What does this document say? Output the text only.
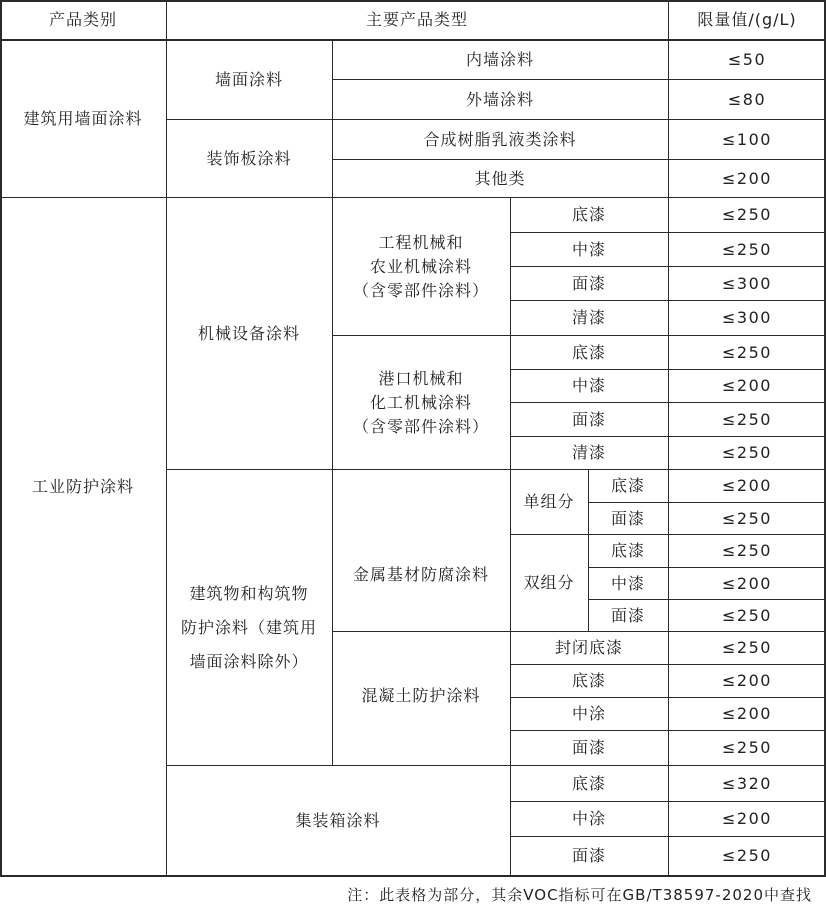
产品类别	主要产品类型	限量值/(g/L)
建筑用墙面涂料
工业防护涂料
墙面涂料
装饰板涂料
机械设备涂料
建筑物和构筑物
防护涂料（建筑用
墙面涂料除外）
集装箱涂料
内墙涂料
外墙涂料
合成树脂乳液类涂料
其他类
工程机械和
农业机械涂料
（含零部件涂料）
港口机械和
化工机械涂料
（含零部件涂料）
金属基材防腐涂料
混凝土防护涂料
单组分
双组分
底漆
中漆
面漆
清漆
底漆
中漆
面漆
清漆
底漆
面漆
底漆
中漆
面漆
封闭底漆
底漆
中涂
面漆
底漆
中涂
面漆
≤50
≤80
≤100
≤200
≤250
≤250
≤300
≤300
≤250
≤200
≤250
≤250
≤200
≤250
≤250
≤200
≤250
≤250
≤200
≤200
≤250
≤320
≤200
≤250
注：此表格为部分，其余VOC指标可在GB/T38597-2020中查找
